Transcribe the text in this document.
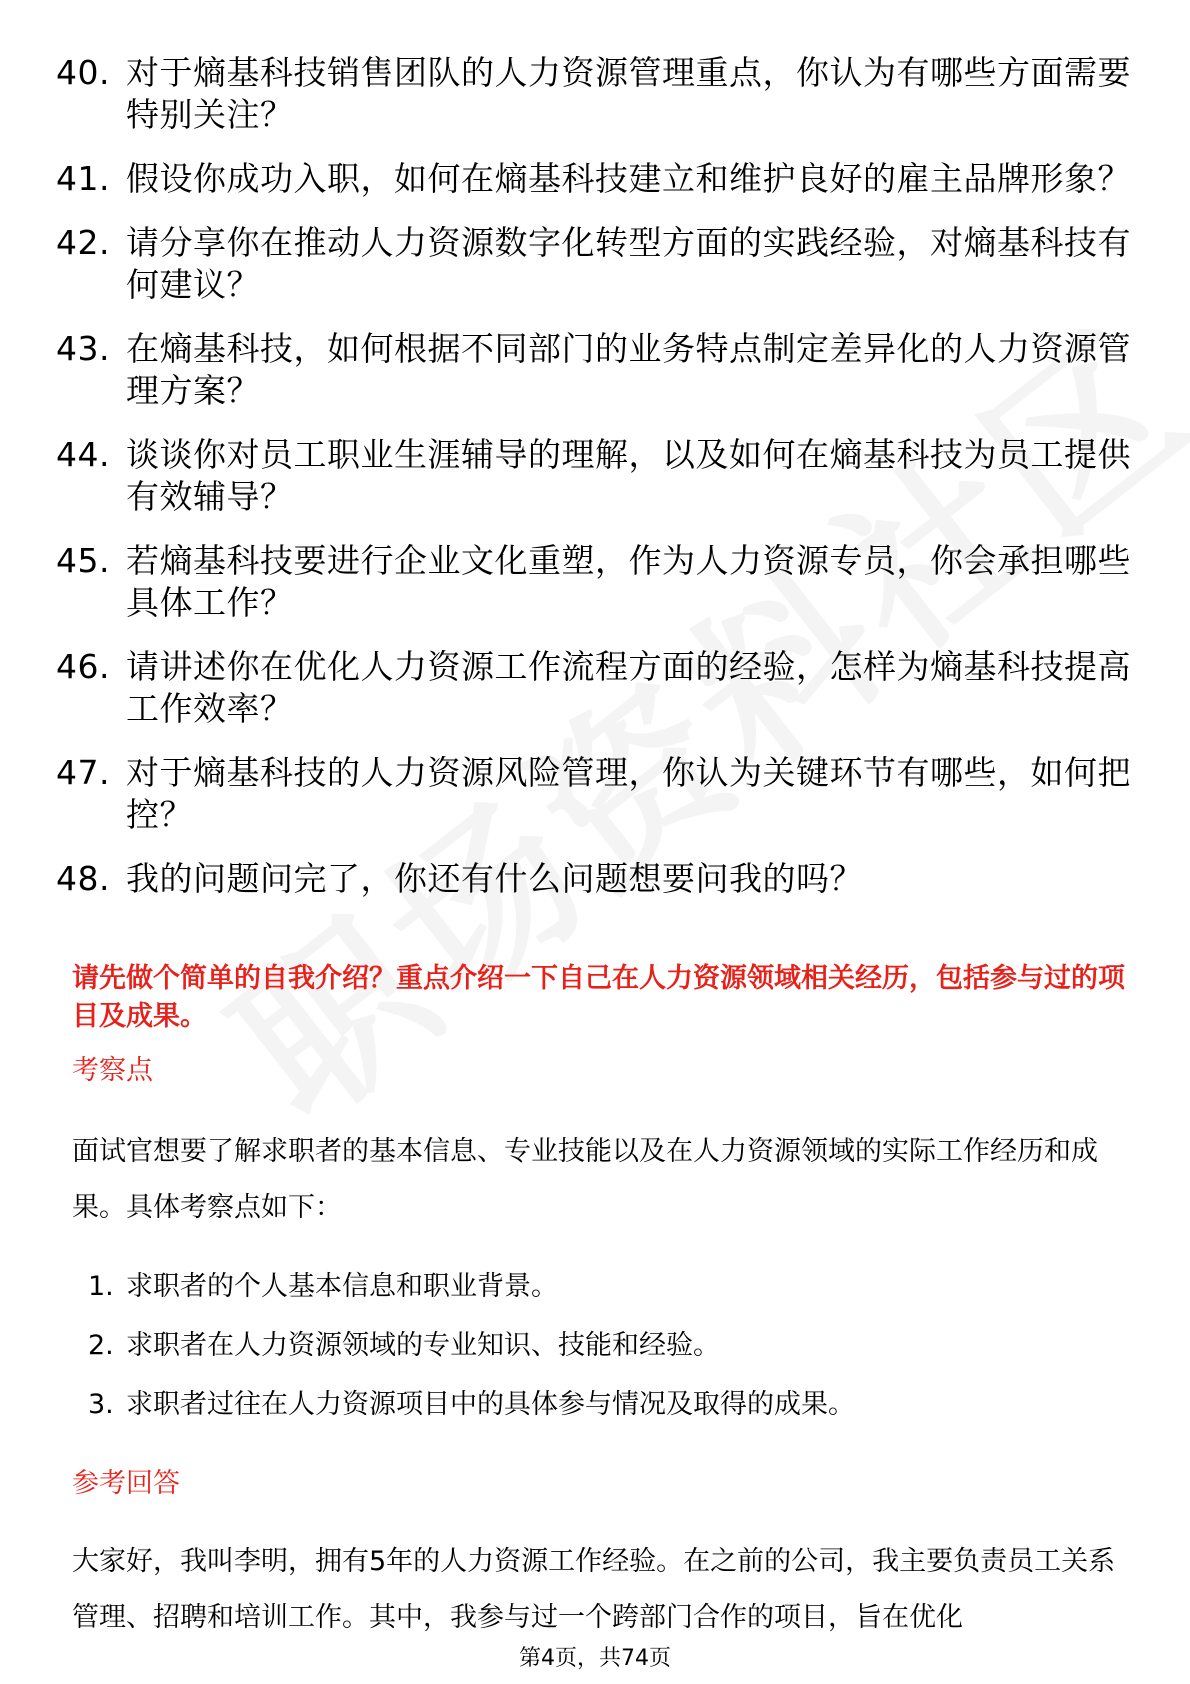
40. 对于熵基科技销售团队的人力资源管理重点，你认为有哪些方面需要特别关注？
41. 假设你成功入职，如何在熵基科技建立和维护良好的雇主品牌形象？
42. 请分享你在推动人力资源数字化转型方面的实践经验，对熵基科技有何建议？
43. 在熵基科技，如何根据不同部门的业务特点制定差异化的人力资源管理方案？
44. 谈谈你对员工职业生涯辅导的理解，以及如何在熵基科技为员工提供有效辅导？
45. 若熵基科技要进行企业文化重塑，作为人力资源专员，你会承担哪些具体工作？
46. 请讲述你在优化人力资源工作流程方面的经验，怎样为熵基科技提高工作效率？
47. 对于熵基科技的人力资源风险管理，你认为关键环节有哪些，如何把控？
48. 我的问题问完了，你还有什么问题想要问我的吗？

请先做个简单的自我介绍？重点介绍一下自己在人力资源领域相关经历，包括参与过的项目及成果。

考察点

面试官想要了解求职者的基本信息、专业技能以及在人力资源领域的实际工作经历和成果。具体考察点如下：

1. 求职者的个人基本信息和职业背景。
2. 求职者在人力资源领域的专业知识、技能和经验。
3. 求职者过往在人力资源项目中的具体参与情况及取得的成果。

参考回答

大家好，我叫李明，拥有5年的人力资源工作经验。在之前的公司，我主要负责员工关系管理、招聘和培训工作。其中，我参与过一个跨部门合作的项目，旨在优化

第4页，共74页
